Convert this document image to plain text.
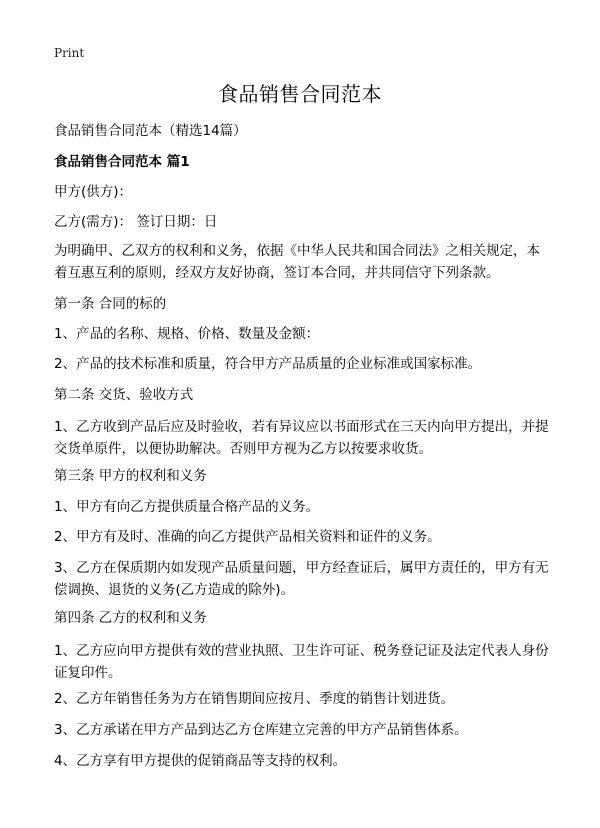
Print
食品销售合同范本
食品销售合同范本（精选14篇）
食品销售合同范本 篇1
甲方(供方)：
乙方(需方)： 签订日期：日
为明确甲、乙双方的权利和义务，依据《中华人民共和国合同法》之相关规定，本着互惠互利的原则，经双方友好协商，签订本合同，并共同信守下列条款。
第一条 合同的标的
1、产品的名称、规格、价格、数量及金额：
2、产品的技术标准和质量，符合甲方产品质量的企业标准或国家标准。
第二条 交货、验收方式
1、乙方收到产品后应及时验收，若有异议应以书面形式在三天内向甲方提出，并提交货单原件，以便协助解决。否则甲方视为乙方以按要求收货。
第三条 甲方的权利和义务
1、甲方有向乙方提供质量合格产品的义务。
2、甲方有及时、准确的向乙方提供产品相关资料和证件的义务。
3、乙方在保质期内如发现产品质量问题，甲方经查证后，属甲方责任的，甲方有无偿调换、退货的义务(乙方造成的除外)。
第四条 乙方的权利和义务
1、乙方应向甲方提供有效的营业执照、卫生许可证、税务登记证及法定代表人身份证复印件。
2、乙方年销售任务为方在销售期间应按月、季度的销售计划进货。
3、乙方承诺在甲方产品到达乙方仓库建立完善的甲方产品销售体系。
4、乙方享有甲方提供的促销商品等支持的权利。
